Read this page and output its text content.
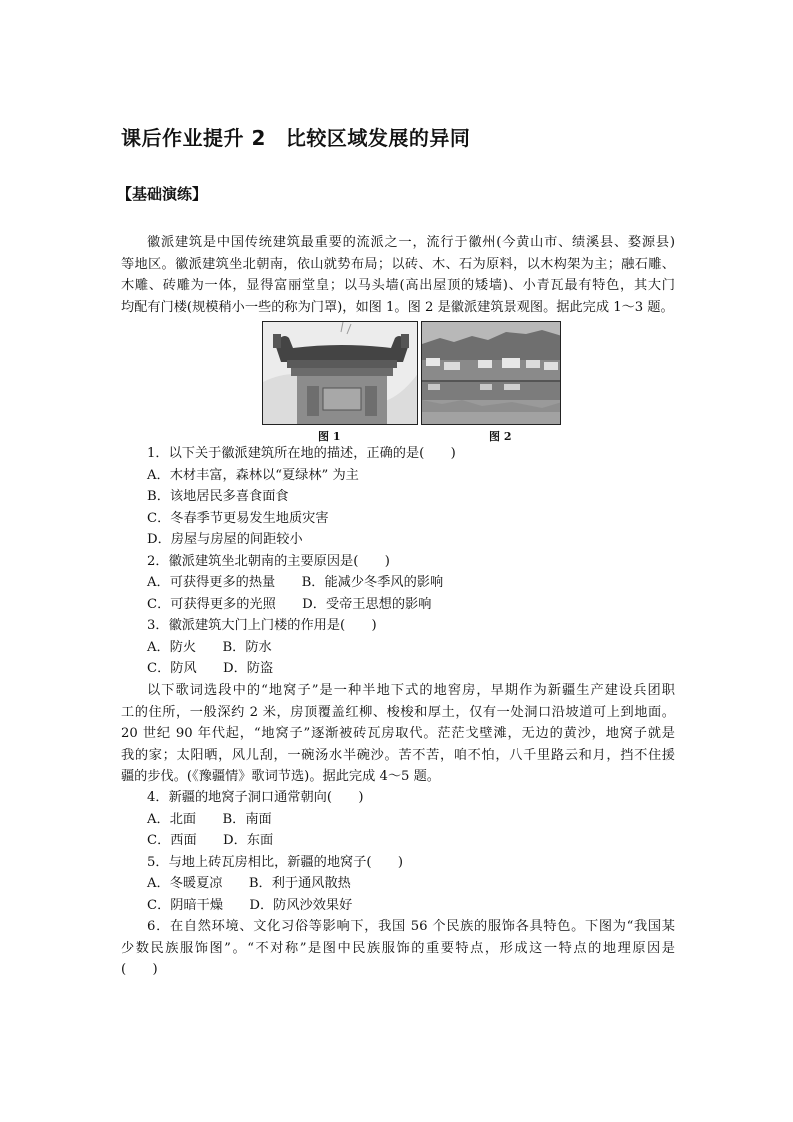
课后作业提升 2 比较区域发展的异同
【基础演练】
徽派建筑是中国传统建筑最重要的流派之一，流行于徽州(今黄山市、绩溪县、婺源县)
等地区。徽派建筑坐北朝南，依山就势布局；以砖、木、石为原料，以木构架为主；融石雕、
木雕、砖雕为一体，显得富丽堂皇；以马头墙(高出屋顶的矮墙)、小青瓦最有特色，其大门
均配有门楼(规模稍小一些的称为门罩)，如图 1。图 2 是徽派建筑景观图。据此完成 1～3 题。
图 1	图 2
1．以下关于徽派建筑所在地的描述，正确的是(　　)
A．木材丰富，森林以“夏绿林” 为主
B．该地居民多喜食面食
C．冬春季节更易发生地质灾害
D．房屋与房屋的间距较小
2．徽派建筑坐北朝南的主要原因是(　　)
A．可获得更多的热量　　B．能减少冬季风的影响
C．可获得更多的光照　　D．受帝王思想的影响
3．徽派建筑大门上门楼的作用是(　　)
A．防火　　B．防水
C．防风　　D．防盗
以下歌词选段中的“地窝子”是一种半地下式的地窖房，早期作为新疆生产建设兵团职
工的住所，一般深约 2 米，房顶覆盖红柳、梭梭和厚土，仅有一处洞口沿坡道可上到地面。
20 世纪 90 年代起，“地窝子”逐渐被砖瓦房取代。茫茫戈壁滩，无边的黄沙，地窝子就是
我的家；太阳晒，风儿刮，一碗汤水半碗沙。苦不苦，咱不怕，八千里路云和月，挡不住援
疆的步伐。(《豫疆情》歌词节选)。据此完成 4～5 题。
4．新疆的地窝子洞口通常朝向(　　)
A．北面　　B．南面
C．西面　　D．东面
5．与地上砖瓦房相比，新疆的地窝子(　　)
A．冬暖夏凉　　B．利于通风散热
C．阴暗干燥　　D．防风沙效果好
6．在自然环境、文化习俗等影响下，我国 56 个民族的服饰各具特色。下图为“我国某
少数民族服饰图”。“不对称”是图中民族服饰的重要特点，形成这一特点的地理原因是
(　　)
